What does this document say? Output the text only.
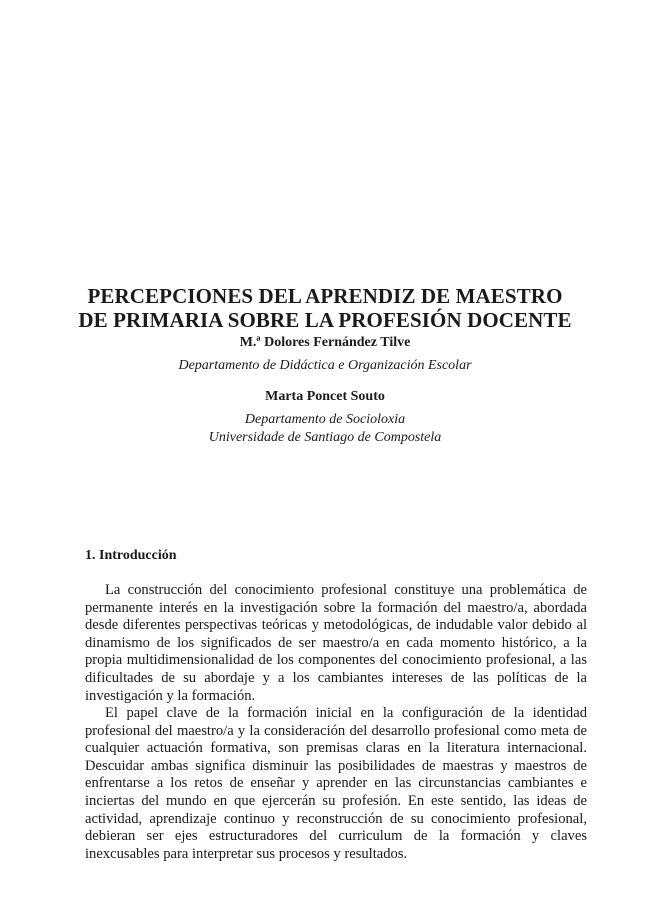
PERCEPCIONES DEL APRENDIZ DE MAESTRO
DE PRIMARIA SOBRE LA PROFESIÓN DOCENTE

M.ª Dolores Fernández Tilve

Departamento de Didáctica e Organización Escolar

Marta Poncet Souto

Departamento de Socioloxia

Universidade de Santiago de Compostela

1. Introducción

La construcción del conocimiento profesional constituye una problemática de permanente interés en la investigación sobre la formación del maestro/a, abordada desde diferentes perspectivas teóricas y metodológicas, de indudable valor debido al dinamismo de los significados de ser maestro/a en cada momento histórico, a la propia multidimensionalidad de los componentes del conocimiento profesional, a las dificultades de su abordaje y a los cambiantes intereses de las políticas de la investigación y la formación.

El papel clave de la formación inicial en la configuración de la identidad profesional del maestro/a y la consideración del desarrollo profesional como meta de cualquier actuación formativa, son premisas claras en la literatura internacional. Descuidar ambas significa disminuir las posibilidades de maestras y maestros de enfrentarse a los retos de enseñar y aprender en las circunstancias cambiantes e inciertas del mundo en que ejercerán su profesión. En este sentido, las ideas de actividad, aprendizaje continuo y reconstrucción de su conocimiento profesional, debieran ser ejes estructuradores del curriculum de la formación y claves inexcusables para interpretar sus procesos y resultados.
